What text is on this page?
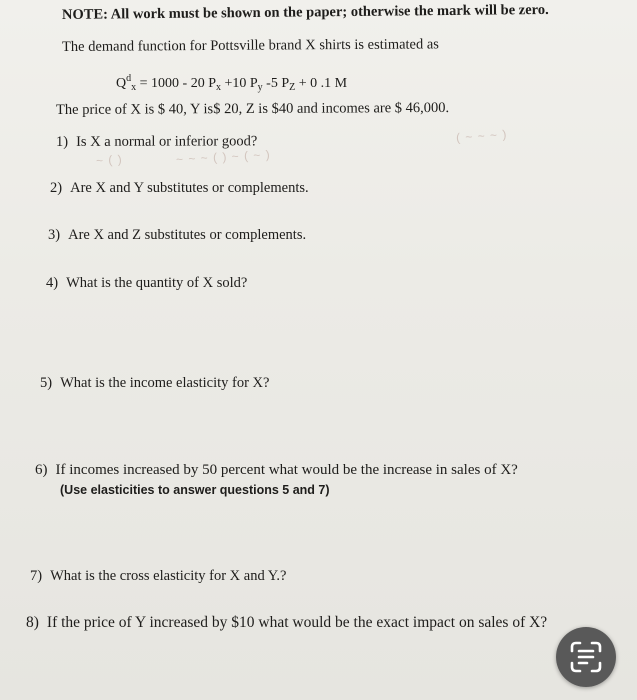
NOTE: All work must be shown on the paper; otherwise the mark will be zero.
The demand function for Pottsville brand X shirts is estimated as
$Q^d_x = 1000 - 20$ $P_x +10$ $P_y$ -5 $P_Z + 0$ .1 M
The price of X is $ 40, Y is$ 20, Z is $40 and incomes are $ 46,000.
1) Is X a normal or inferior good?
~ ( )	~ ~ ~ ( ) ~ ( ~ )
( ~ ~ ~ )
2) Are X and Y substitutes or complements.
3) Are X and Z substitutes or complements.
4) What is the quantity of X sold?
5) What is the income elasticity for X?
6) If incomes increased by 50 percent what would be the increase in sales of X?
(Use elasticities to answer questions 5 and 7)
7) What is the cross elasticity for X and Y.?
8) If the price of Y increased by $10 what would be the exact impact on sales of X?
